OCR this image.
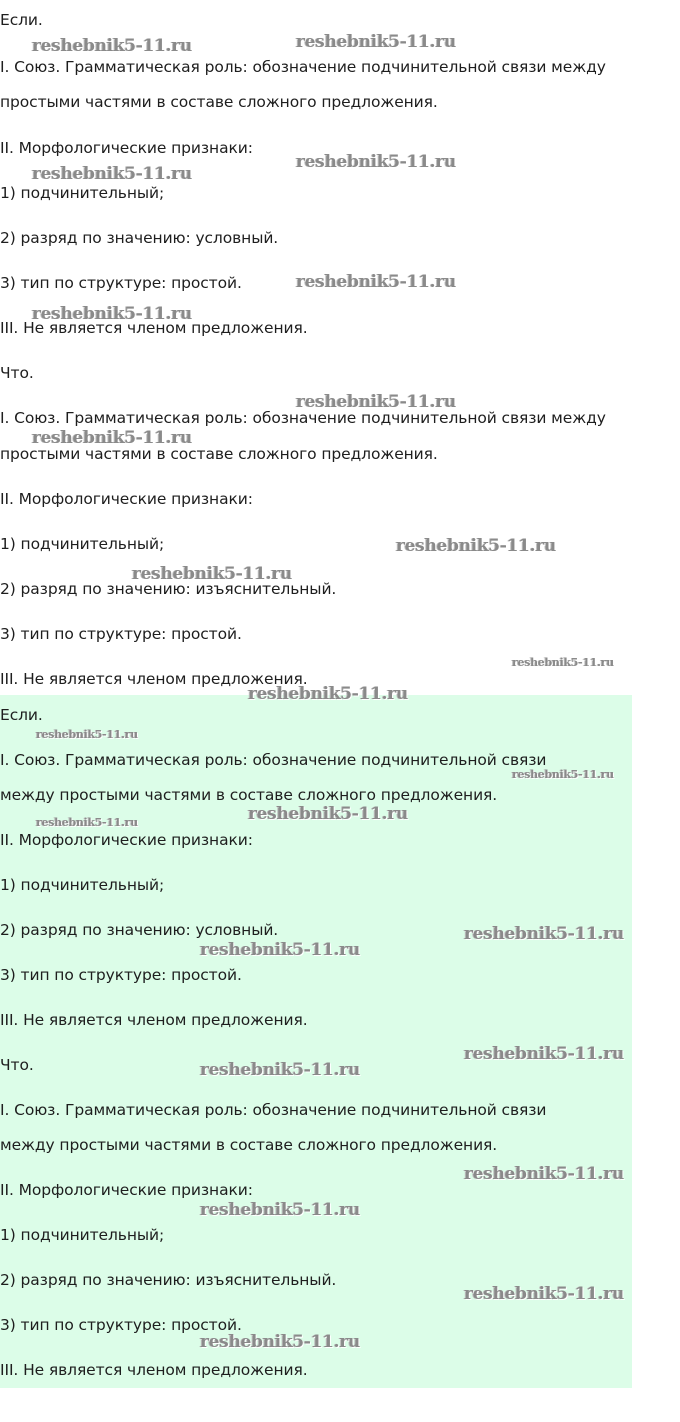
Если.
I. Союз. Грамматическая роль: обозначение подчинительной связи между
простыми частями в составе сложного предложения.
II. Морфологические признаки:
1) подчинительный;
2) разряд по значению: условный.
3) тип по структуре: простой.
III. Не является членом предложения.
Что.
I. Союз. Грамматическая роль: обозначение подчинительной связи между
простыми частями в составе сложного предложения.
II. Морфологические признаки:
1) подчинительный;
2) разряд по значению: изъяснительный.
3) тип по структуре: простой.
III. Не является членом предложения.
Если.
I. Союз. Грамматическая роль: обозначение подчинительной связи
между простыми частями в составе сложного предложения.
II. Морфологические признаки:
1) подчинительный;
2) разряд по значению: условный.
3) тип по структуре: простой.
III. Не является членом предложения.
Что.
I. Союз. Грамматическая роль: обозначение подчинительной связи
между простыми частями в составе сложного предложения.
II. Морфологические признаки:
1) подчинительный;
2) разряд по значению: изъяснительный.
3) тип по структуре: простой.
III. Не является членом предложения.
reshebnik5-11.ru	reshebnik5-11.ru
reshebnik5-11.ru
reshebnik5-11.ru
reshebnik5-11.ru
reshebnik5-11.ru
reshebnik5-11.ru
reshebnik5-11.ru
reshebnik5-11.ru
reshebnik5-11.ru
reshebnik5-11.ru
reshebnik5-11.ru
reshebnik5-11.ru
reshebnik5-11.ru
reshebnik5-11.ru
reshebnik5-11.ru
reshebnik5-11.ru
reshebnik5-11.ru
reshebnik5-11.ru
reshebnik5-11.ru
reshebnik5-11.ru
reshebnik5-11.ru
reshebnik5-11.ru
reshebnik5-11.ru
